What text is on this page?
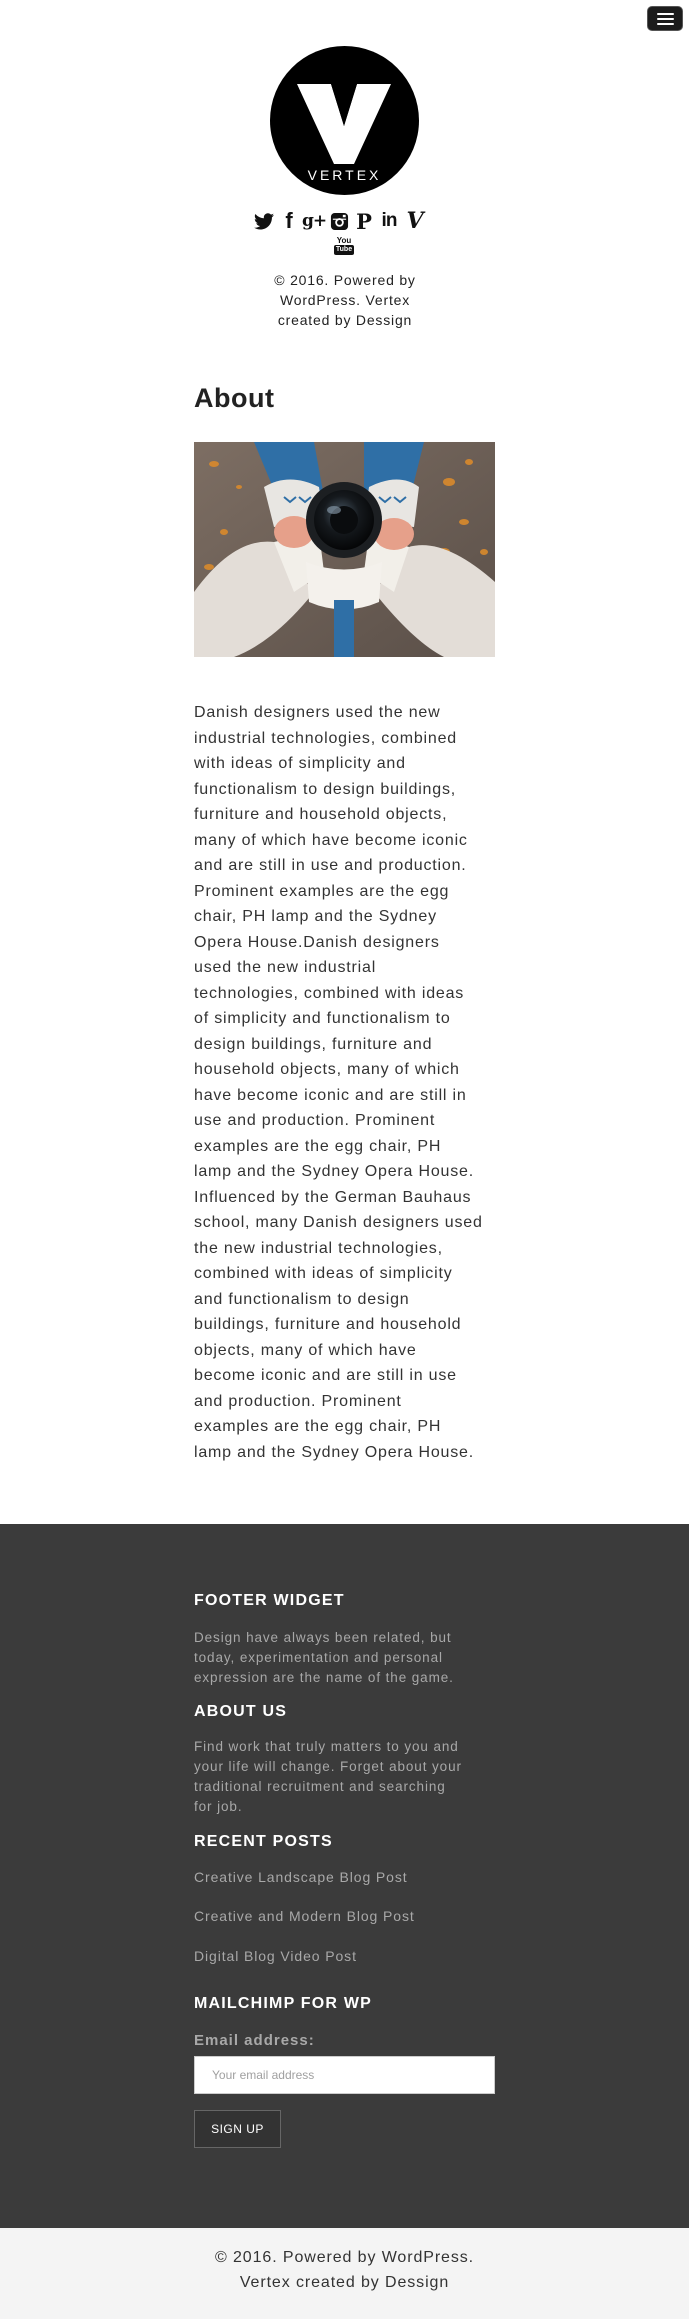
VERTEX
f g+ P in V
You
Tube
© 2016. Powered by
WordPress. Vertex
created by Dessign
About
Danish designers used the new
industrial technologies, combined
with ideas of simplicity and
functionalism to design buildings,
furniture and household objects,
many of which have become iconic
and are still in use and production.
Prominent examples are the egg
chair, PH lamp and the Sydney
Opera House.Danish designers
used the new industrial
technologies, combined with ideas
of simplicity and functionalism to
design buildings, furniture and
household objects, many of which
have become iconic and are still in
use and production. Prominent
examples are the egg chair, PH
lamp and the Sydney Opera House.
Influenced by the German Bauhaus
school, many Danish designers used
the new industrial technologies,
combined with ideas of simplicity
and functionalism to design
buildings, furniture and household
objects, many of which have
become iconic and are still in use
and production. Prominent
examples are the egg chair, PH
lamp and the Sydney Opera House.
FOOTER WIDGET
Design have always been related, but
today, experimentation and personal
expression are the name of the game.
ABOUT US
Find work that truly matters to you and
your life will change. Forget about your
traditional recruitment and searching
for job.
RECENT POSTS
Creative Landscape Blog Post
Creative and Modern Blog Post
Digital Blog Video Post
MAILCHIMP FOR WP
Email address:
Your email address
SIGN UP
© 2016. Powered by WordPress.
Vertex created by Dessign
